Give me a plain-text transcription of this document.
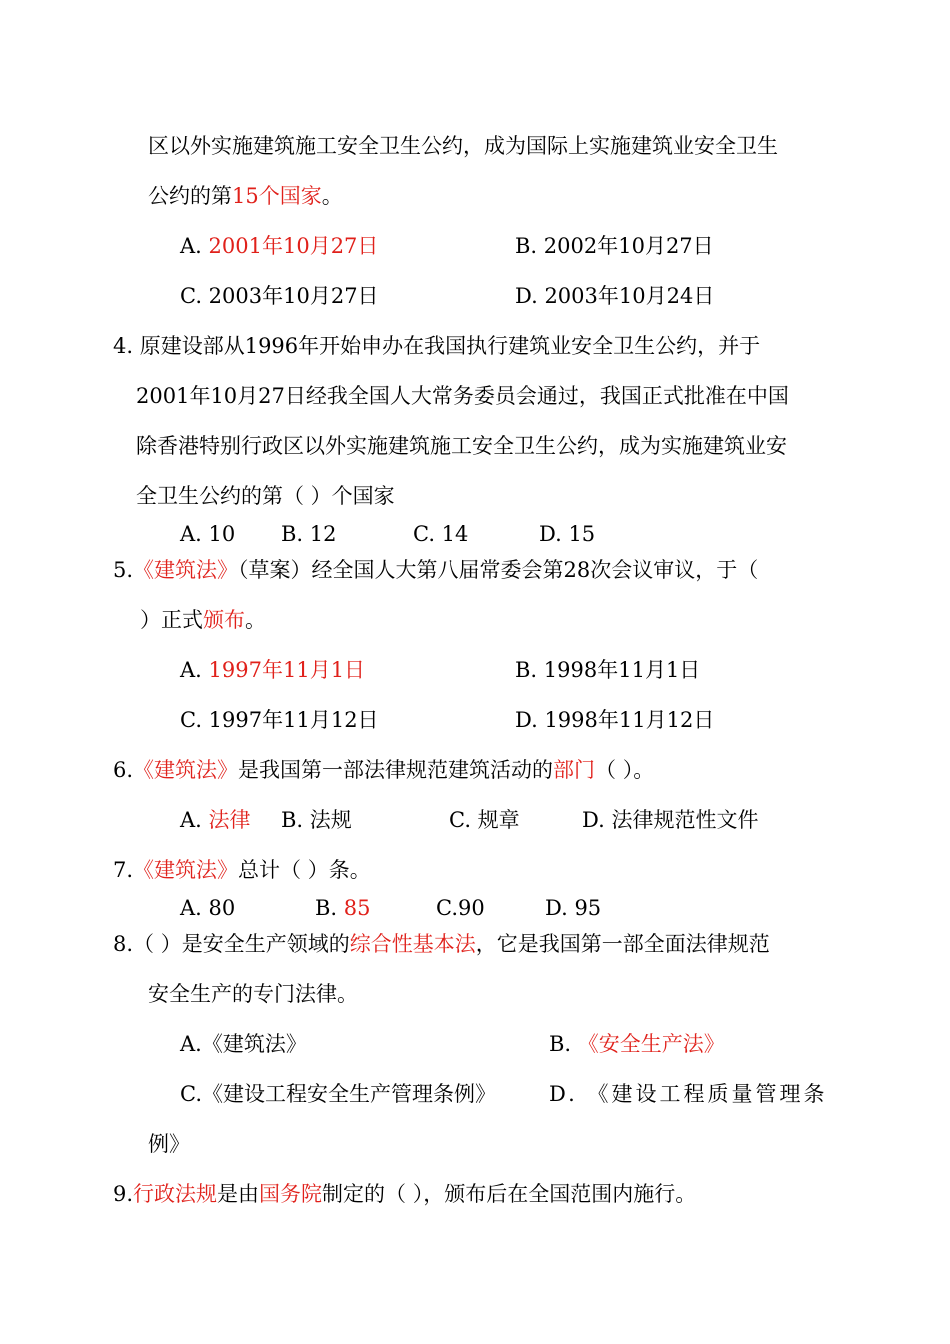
区以外实施建筑施工安全卫生公约，成为国际上实施建筑业安全卫生
公约的第15个国家。
A. 2001年10月27日	B. 2002年10月27日
C. 2003年10月27日	D. 2003年10月24日
4. 原建设部从1996年开始申办在我国执行建筑业安全卫生公约，并于
2001年10月27日经我全国人大常务委员会通过，我国正式批准在中国
除香港特别行政区以外实施建筑施工安全卫生公约，成为实施建筑业安
全卫生公约的第（ ）个国家
A. 10 B. 12	C. 14	D. 15
5.《建筑法》（草案）经全国人大第八届常委会第28次会议审议，于（
）正式颁布。
A. 1997年11月1日	B. 1998年11月1日
C. 1997年11月12日	D. 1998年11月12日
6.《建筑法》是我国第一部法律规范建筑活动的部门（ ）。
A. 法律 B. 法规	C. 规章	D. 法律规范性文件
7.《建筑法》总计（ ）条。
A. 80	B. 85	C.90	D. 95
8.（ ）是安全生产领域的综合性基本法，它是我国第一部全面法律规范
安全生产的专门法律。
A.《建筑法》	B. 《安全生产法》
C.《建设工程安全生产管理条例》	D. 《建设工程质量管理条
例》
9.行政法规是由国务院制定的（ ），颁布后在全国范围内施行。
